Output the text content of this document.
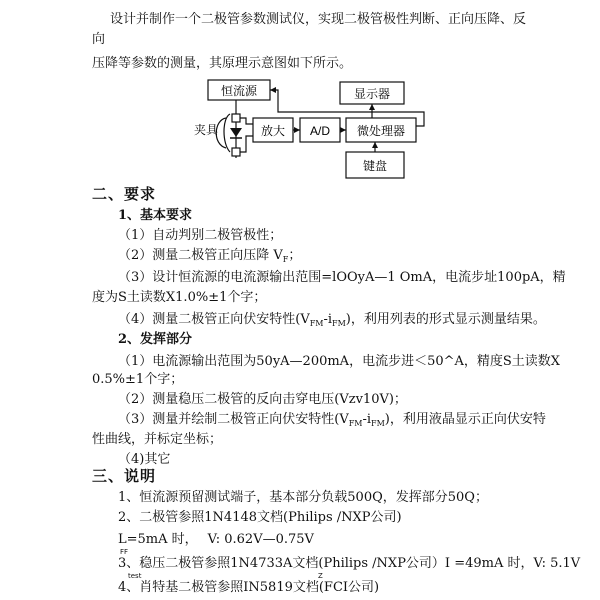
设计并制作一个二极管参数测试仪，实现二极管极性判断、正向压降、反
向
压降等参数的测量，其原理示意图如下所示。
恒流源	显示器
夹具	放大 A/D 微处理器
键盘
二、要求
1、基本要求
（1）自动判别二极管极性；
（2）测量二极管正向压降 $V_F$；
（3）设计恒流源的电流源输出范围=lOOyA—1 OmA，电流步址100pA，精
度为S土读数X1.0%±1个字；
（4）测量二极管正向伏安特性$(V_{FM}-i_{FM})$，利用列表的形式显示测量结果。
2、发挥部分
（1）电流源输出范围为50yA—200mA，电流步进＜50^A，精度S土读数X
0.5%±1个字；
（2）测量稳压二极管的反向击穿电压(Vzv10V)；
（3）测量并绘制二极管正向伏安特性$(V_{FM}-i_{FM})$，利用液晶显示正向伏安特
性曲线，并标定坐标；
（4)其它
三、说明
1、恒流源预留测试端子，基本部分负载500Q，发挥部分50Q；
2、二极管参照1N4148文档(Philips /NXP公司)
L=5mA 时， V: 0.62V—0.75V
FF
3、稳压二极管参照1N4733A文档(Philips /NXP公司）I =49mA 时，V: 5.1V
test	Z
4、肖特基二极管参照IN5819文档(FCI公司)
